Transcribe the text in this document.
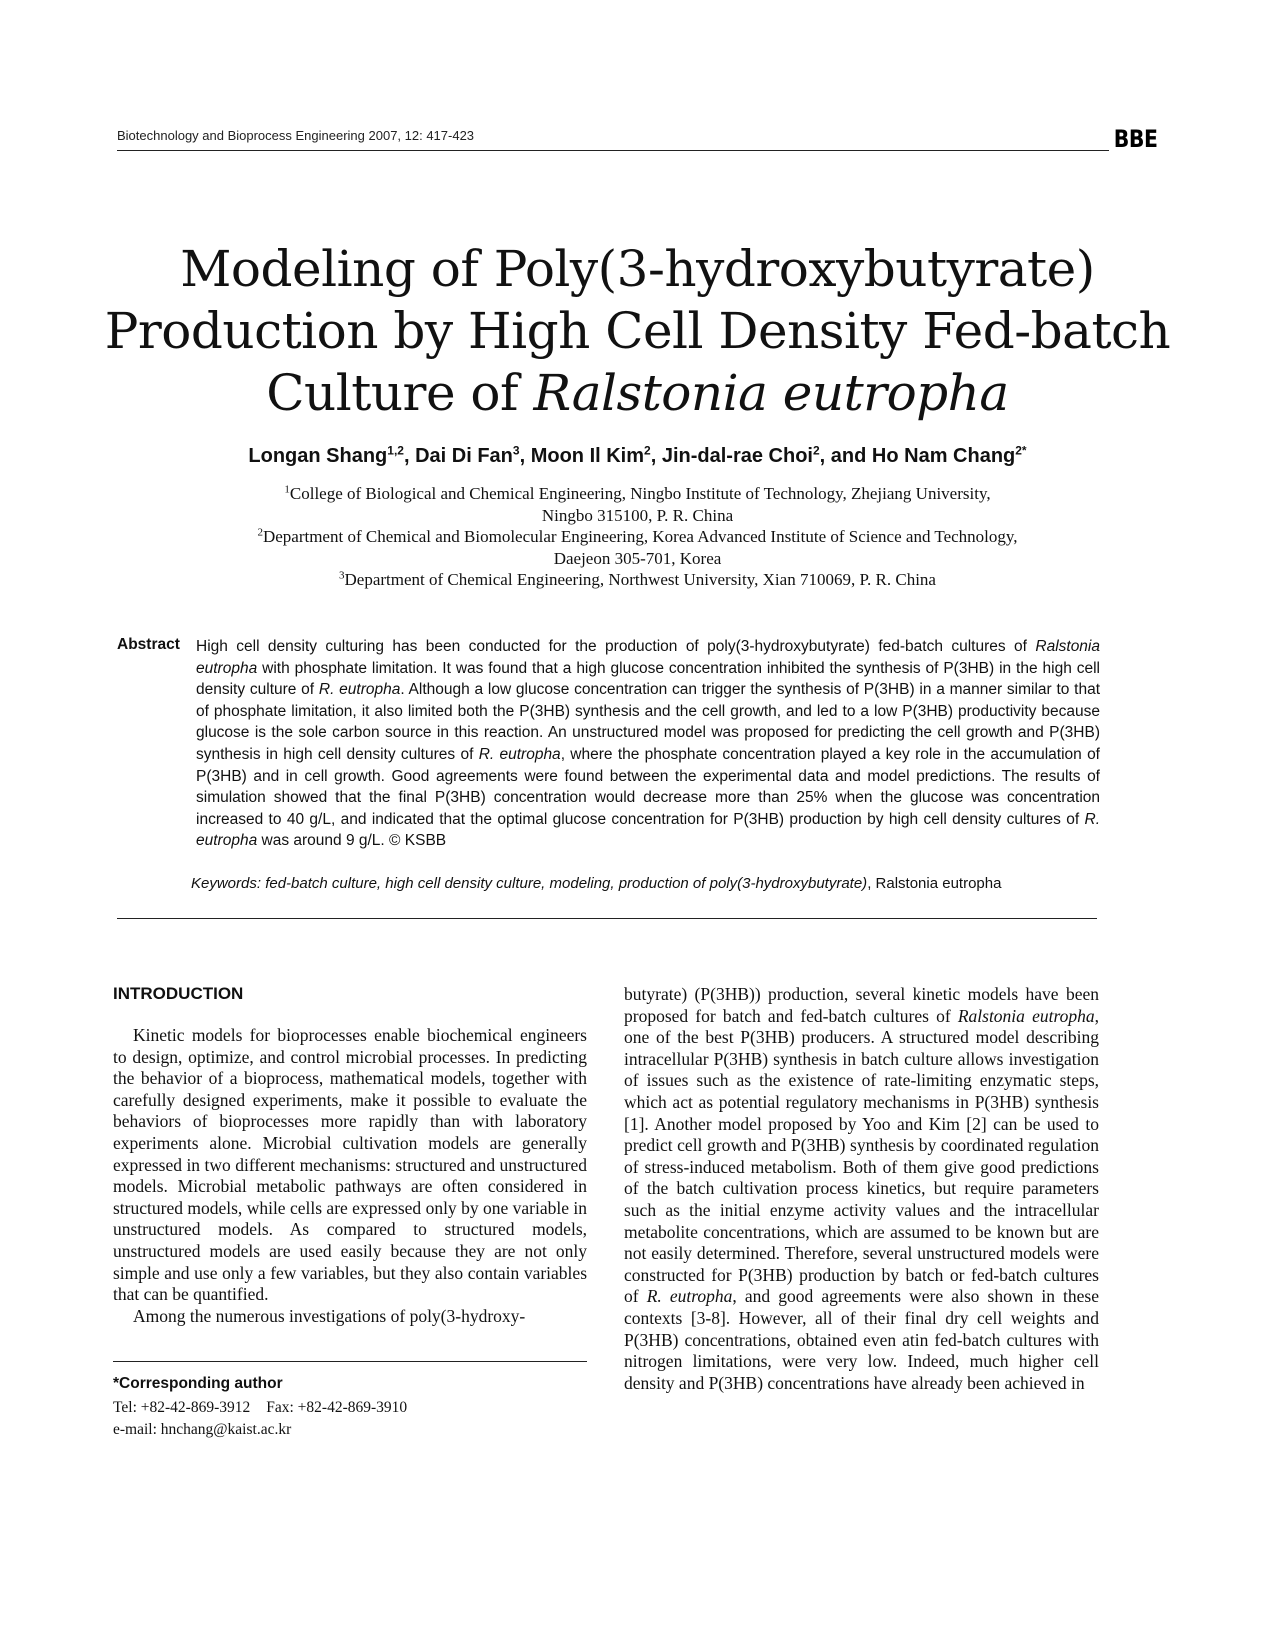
Biotechnology and Bioprocess Engineering 2007, 12: 417-423	BBE
Modeling of Poly(3-hydroxybutyrate)
Production by High Cell Density Fed-batch
Culture of Ralstonia eutropha
Longan Shang$^{1,2}$, Dai Di Fan$^3$, Moon Il Kim$^2$, Jin-dal-rae Choi$^2$, and Ho Nam Chang$^{2*}$
$^1$College of Biological and Chemical Engineering, Ningbo Institute of Technology, Zhejiang University,
Ningbo 315100, P. R. China
$^2$Department of Chemical and Biomolecular Engineering, Korea Advanced Institute of Science and Technology,
Daejeon 305-701, Korea
$^3$Department of Chemical Engineering, Northwest University, Xian 710069, P. R. China
Abstract High cell density culturing has been conducted for the production of poly(3-hydroxybutyrate) fed-batch cultures of Ralstonia eutropha with phosphate limitation. It was found that a high glucose concentration inhibited the synthesis of P(3HB) in the high cell density culture of R. eutropha. Although a low glucose concentration can trigger the synthesis of P(3HB) in a manner similar to that of phosphate limitation, it also limited both the P(3HB) synthesis and the cell growth, and led to a low P(3HB) productivity because glucose is the sole carbon source in this reaction. An unstructured model was proposed for predicting the cell growth and P(3HB) synthesis in high cell density cultures of R. eutropha, where the phosphate concentration played a key role in the accumulation of P(3HB) and in cell growth. Good agreements were found between the experimental data and model predictions. The results of simulation showed that the final P(3HB) concentration would decrease more than 25% when the glucose was concentration increased to 40 g/L, and indicated that the optimal glucose concentration for P(3HB) production by high cell density cultures of R. eutropha was around 9 g/L. © KSBB
Keywords: fed-batch culture, high cell density culture, modeling, production of poly(3-hydroxybutyrate), Ralstonia eutropha
INTRODUCTION

Kinetic models for bioprocesses enable biochemical engineers to design, optimize, and control microbial processes. In predicting the behavior of a bioprocess, mathematical models, together with carefully designed experiments, make it possible to evaluate the behaviors of bioprocesses more rapidly than with laboratory experiments alone. Microbial cultivation models are generally expressed in two different mechanisms: structured and unstructured models. Microbial metabolic pathways are often considered in structured models, while cells are expressed only by one variable in unstructured models. As compared to structured models, unstructured models are used easily because they are not only simple and use only a few variables, but they also contain variables that can be quantified.

Among the numerous investigations of poly(3-hydroxy-

butyrate) (P(3HB)) production, several kinetic models have been proposed for batch and fed-batch cultures of Ralstonia eutropha, one of the best P(3HB) producers. A structured model describing intracellular P(3HB) synthesis in batch culture allows investigation of issues such as the existence of rate-limiting enzymatic steps, which act as potential regulatory mechanisms in P(3HB) synthesis [1]. Another model proposed by Yoo and Kim [2] can be used to predict cell growth and P(3HB) synthesis by coordinated regulation of stress-induced metabolism. Both of them give good predictions of the batch cultivation process kinetics, but require parameters such as the initial enzyme activity values and the intracellular metabolite concentrations, which are assumed to be known but are not easily determined. Therefore, several unstructured models were constructed for P(3HB) production by batch or fed-batch cultures of R. eutropha, and good agreements were also shown in these contexts [3-8]. However, all of their final dry cell weights and P(3HB) concentrations, obtained even atin fed-batch cultures with nitrogen limitations, were very low. Indeed, much higher cell density and P(3HB) concentrations have already been achieved in

*Corresponding author
Tel: +82-42-869-3912 Fax: +82-42-869-3910
e-mail: hnchang@kaist.ac.kr
